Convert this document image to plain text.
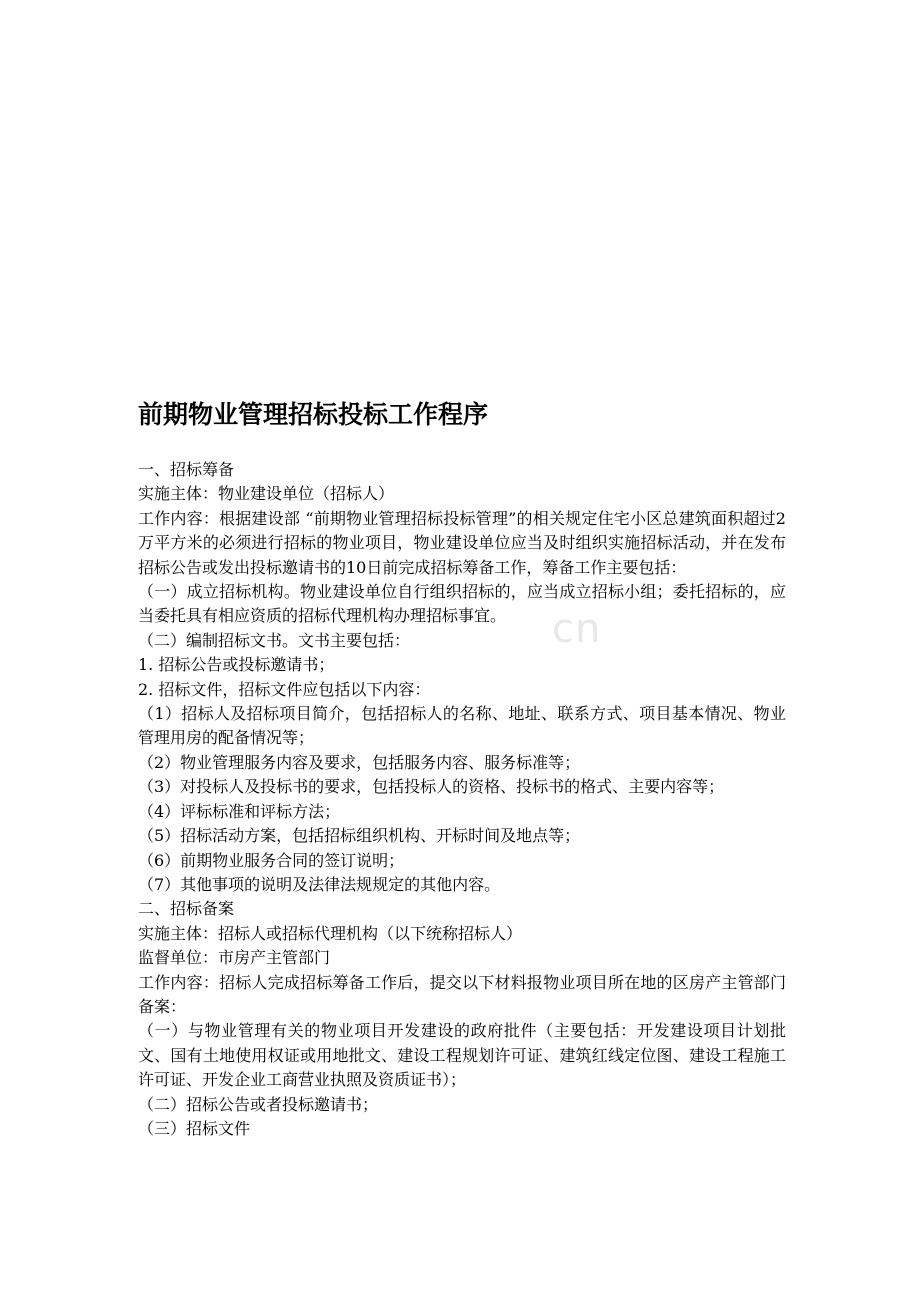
cn
前期物业管理招标投标工作程序

一、招标筹备

实施主体：物业建设单位（招标人）

工作内容：根据建设部 “前期物业管理招标投标管理”的相关规定住宅小区总建筑面积超过2万平方米的必须进行招标的物业项目，物业建设单位应当及时组织实施招标活动，并在发布招标公告或发出投标邀请书的10日前完成招标筹备工作，筹备工作主要包括：

（一）成立招标机构。物业建设单位自行组织招标的，应当成立招标小组；委托招标的，应当委托具有相应资质的招标代理机构办理招标事宜。

（二）编制招标文书。文书主要包括：

1. 招标公告或投标邀请书；

2. 招标文件，招标文件应包括以下内容：

（1）招标人及招标项目简介，包括招标人的名称、地址、联系方式、项目基本情况、物业管理用房的配备情况等；

（2）物业管理服务内容及要求，包括服务内容、服务标准等；

（3）对投标人及投标书的要求，包括投标人的资格、投标书的格式、主要内容等；

（4）评标标准和评标方法；

（5）招标活动方案，包括招标组织机构、开标时间及地点等；

（6）前期物业服务合同的签订说明；

（7）其他事项的说明及法律法规规定的其他内容。

二、招标备案

实施主体：招标人或招标代理机构（以下统称招标人）

监督单位：市房产主管部门

工作内容：招标人完成招标筹备工作后，提交以下材料报物业项目所在地的区房产主管部门备案：

（一）与物业管理有关的物业项目开发建设的政府批件（主要包括：开发建设项目计划批文、国有土地使用权证或用地批文、建设工程规划许可证、建筑红线定位图、建设工程施工许可证、开发企业工商营业执照及资质证书）；

（二）招标公告或者投标邀请书；

（三）招标文件
